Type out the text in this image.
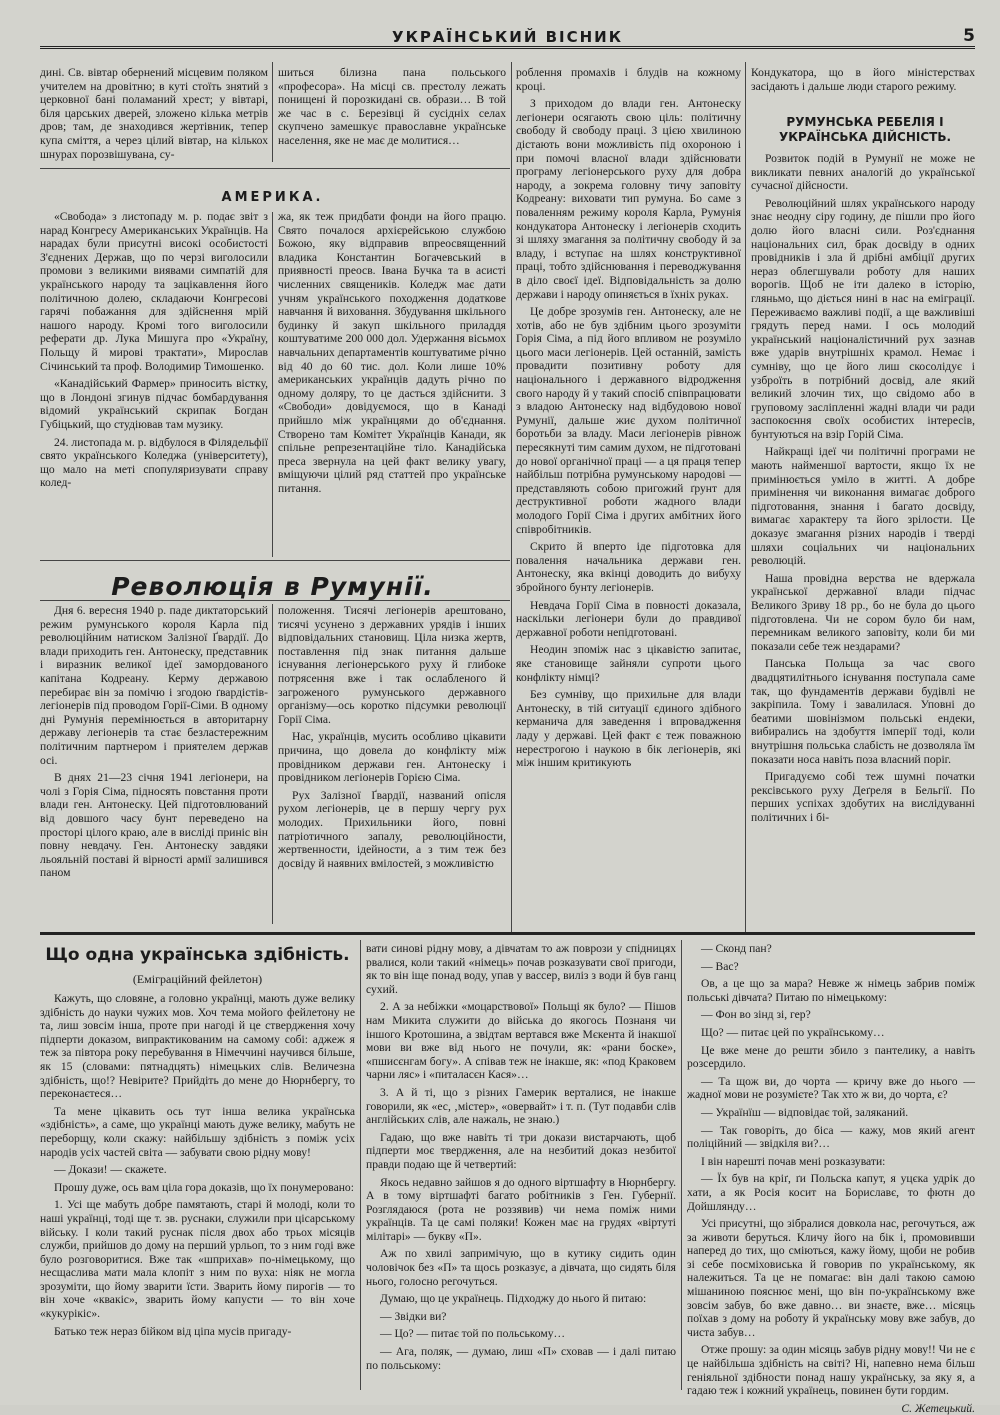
УКРАЇНСЬКИЙ ВІСНИК	5

дині. Св. вівтар обернений місцевим поляком учителем на дровітню; в куті стоїть знятий з церковної бані поламаний хрест; у вівтарі, біля царських дверей, зложено кілька метрів дров; там, де знаходився жертівник, тепер купа сміття, а через цілий вівтар, на кількох шнурах порозвішувана, су-

шиться білизна пана польського «професора». На місці св. престолу лежать понищені й порозкидані св. образи… В той же час в с. Березівці й сусідніх селах скупчено замешкує православне українське населення, яке не має де молитися…

АМЕРИКА.

«Свобода» з листопаду м. р. подає звіт з нарад Конгресу Американських Українців. На нарадах були присутні високі особистості З'єднених Держав, що по черзі виголосили промови з великими виявами симпатій для українського народу та зацікавлення його політичною долею, складаючи Конгресові гарячі побажання для здійснення мрій нашого народу. Кромі того виголосили реферати др. Лука Мишуга про «Україну, Польщу й мирові трактати», Мирослав Січинський та проф. Володимир Тимошенко.

«Канадійський Фармер» приносить вістку, що в Лондоні згинув підчас бомбардування відомий український скрипак Богдан Губіцький, що студіював там музику.

24. листопада м. р. відбулося в Філядельфії свято українського Коледжа (університету), що мало на меті спопуляризувати справу колед-

жа, як теж придбати фонди на його працю. Свято почалося архієрейською службою Божою, яку відправив впреосвященний владика Константин Богачевський в приявності преосв. Івана Бучка та в асисті численних священиків. Коледж має дати учням українського походження додаткове навчання й виховання. Збудування шкільного будинку й закуп шкільного приладдя коштуватиме 200 000 дол. Удержання вісьмох навчальних департаментів коштуватиме річно від 40 до 60 тис. дол. Коли лише 10% американських українців дадуть річно по одному доляру, то це дасться здійснити. З «Свободи» довідуємося, що в Канаді прийшло між українцями до об'єднання. Створено там Комітет Українців Канади, як спільне репрезентаційне тіло. Канадійська преса звернула на цей факт велику увагу, вміщуючи цілий ряд статтей про українське питання.

Революція в Румунії.

Дня 6. вересня 1940 р. паде диктаторський режим румунського короля Карла під революційним натиском Залізної Ґвардії. До влади приходить ген. Антонеску, представник і виразник великої ідеї замордованого капітана Кодреану. Керму державою перебирає він за помічю і згодою ґвардістів-легіонерів під проводом Горії-Сіми. В одному дні Румунія перемінюється в авторитарну державу легіонерів та стає безластережним політичним партнером і приятелем держав осі.

В днях 21—23 січня 1941 легіонери, на чолі з Горія Сіма, підносять повстання проти влади ген. Антонеску. Цей підготовлюваний від довшого часу бунт переведено на просторі цілого краю, але в висліді приніс він повну невдачу. Ген. Антонеску завдяки льояльній поставі й вірності армії залишився паном

положення. Тисячі легіонерів арештовано, тисячі усунено з державних урядів і інших відповідальних становищ. Ціла низка жертв, поставлення під знак питання дальше існування легіонерського руху й глибоке потрясення вже і так ослабленого й загроженого румунського державного організму—ось коротко підсумки революції Горії Сіма.

Нас, українців, мусить особливо цікавити причина, що довела до конфлікту між провідником держави ген. Антонеску і провідником легіонерів Горією Сіма.

Рух Залізної Ґвардії, названий опісля рухом легіонерів, це в першу чергу рух молодих. Прихильники його, повні патріотичного запалу, революційности, жертвенности, ідейности, а з тим теж без досвіду й наявних вмілостей, з можливістю

роблення промахів і блудів на кожному кроці.

З приходом до влади ген. Антонеску легіонери осягають свою ціль: політичну свободу й свободу праці. З цією хвилиною дістають вони можливість під охороною і при помочі власної влади здійснювати програму легіонерського руху для добра народу, а зокрема головну тичу заповіту Кодреану: виховати тип румуна. Бо саме з поваленням режиму короля Карла, Румунія кондукатора Антонеску і легіонерів сходить зі шляху змагання за політичну свободу й за владу, і вступає на шлях конструктивної праці, тобто здійснювання і переводжування в діло своєї ідеї. Відповідальність за долю держави і народу опиняється в їхніх руках.

Це добре зрозумів ген. Антонеску, але не хотів, або не був здібним цього зрозуміти Горія Сіма, а під його впливом не розуміло цього маси легіонерів. Цей останній, замість провадити позитивну роботу для національного і державного відродження свого народу й у такий спосіб співпрацювати з владою Антонеску над відбудовою нової Румунії, дальше жиє духом політичної боротьби за владу. Маси легіонерів рівнож пересякнуті тим самим духом, не підготовані до нової органічної праці — а ця праця тепер найбільш потрібна румунському народові — представляють собою пригожий ґрунт для деструктивної роботи жадного влади молодого Горії Сіма і других амбітних його співробітників.

Скрито й вперто іде підготовка для повалення начальника держави ген. Антонеску, яка вкінці доводить до вибуху збройного бунту легіонерів.

Невдача Горії Сіма в повності доказала, наскільки легіонери були до правдивої державної роботи непідготовані.

Неодин зпоміж нас з цікавістю запитає, яке становище зайняли супроти цього конфлікту німці?

Без сумніву, що прихильне для влади Антонеску, в тій ситуації єдиного здібного керманича для заведення і впровадження ладу у державі. Цей факт є теж поважною нерестрогою і наукою в бік легіонерів, які між іншим критикують

Кондукатора, що в його міністерствах засідають і дальше люди старого режиму.

РУМУНСЬКА РЕБЕЛІЯ І УКРАЇНСЬКА ДІЙСНІСТЬ.

Розвиток подій в Румунії не може не викликати певних аналогій до української сучасної дійсности.

Революційний шлях українського народу знає неодну сіру годину, де пішли про його долю його власні сили. Роз'єднання національних сил, брак досвіду в одних провідників і зла й дрібні амбіції других нераз облегшували роботу для наших ворогів. Щоб не іти далеко в історію, гляньмо, що діється нині в нас на еміграції. Переживаємо важливі події, а ще важливіші грядуть перед нами. І ось молодий український націоналістичний рух зазнав вже ударів внутрішніх крамол. Немає і сумніву, що це його лиш скосолідує і узброїть в потрібний досвід, але який великий злочин тих, що свідомо або в груповому засліпленні жадні влади чи ради заспокоєння своїх особистих інтересів, бунтуються на взір Горій Сіма.

Найкращі ідеї чи політичні програми не мають найменшої вартости, якщо їх не примінюється уміло в житті. А добре примінення чи виконання вимагає доброго підготовання, знання і багато досвіду, вимагає характеру та його зрілости. Це доказує змагання різних народів і тверді шляхи соціальних чи національних революцій.

Наша провідна верства не вдержала української державної влади підчас Великого Зриву 18 рр., бо не була до цього підготовлена. Чи не сором було би нам, перемникам великого заповіту, коли би ми показали себе теж нездарами?

Панська Польща за час свого двадцятилітнього існування поступала саме так, що фундаментів держави будівлі не закріпила. Тому і завалилася. Уповні до беатими шовінізмом польські ендеки, вибирались на здобуття імперії тоді, коли внутрішня польська слабість не дозволяла їм показати носа навіть поза власний поріг.

Пригадуємо собі теж шумні початки рексівського руху Деґреля в Бельгії. По перших успіхах здобутих на вислідуванні політичних і бі-

Що одна українська здібність.
(Еміграційний фейлетон)

Кажуть, що словяне, а головно українці, мають дуже велику здібність до науки чужих мов. Хоч тема мойого фейлетону не та, лиш зовсім інша, проте при нагоді й це ствердження хочу підперти доказом, випрактикованим на самому собі: аджеж я теж за півтора року перебування в Німеччині научився більше, як 15 (словами: пятнадцять) німецьких слів. Величезна здібність, що!? Невірите? Прийдіть до мене до Нюрнбергу, то переконаєтеся…

Та мене цікавить ось тут інша велика українська «здібність», а саме, що українці мають дуже велику, мабуть не переборщу, коли скажу: найбільшу здібність з поміж усіх народів усіх частей світа — забувати свою рідну мову!

— Докази! — скажете.

Прошу дуже, ось вам ціла гора доказів, що їх понумеровано:

1. Усі ще мабуть добре памятають, старі й молоді, коли то наші українці, тоді ще т. зв. руснаки, служили при цісарському війську. І коли такий руснак після двох або трьох місяців служби, прийшов до дому на перший урльоп, то з ним годі вже було розговоритися. Вже так «шприхав» по-німецькому, що несщаслива мати мала клопіт з ним по вуха: ніяк не могла зрозуміти, що йому зварити їсти. Зварить йому пирогів — то він хоче «квакіс», зварить йому капусти — то він хоче «кукурікіс».

Батько теж нераз бійком від ціпа мусів пригаду-

вати синові рідну мову, а дівчатам то аж поврози у спідницях рвалися, коли такий «німець» почав розказувати свої пригоди, як то він іще понад воду, упав у вассер, виліз з води й був ганц сухий.

2. А за небіжки «моцарствової» Польщі як було? — Пішов нам Микита служити до війська до якогось Познаня чи іншого Кротошина, а звідтам вертався вже Мєкента й інакшої мови ви вже від нього не почули, як: «рани боске», «пшисєнгам богу». А співав теж не інакше, як: «под Краковем чарни ляс» і «питаласєн Кася»…

3. А й ті, що з різних Гамерик верталися, не інакше говорили, як «ес, ‚містер», «овервайт» і т. п. (Тут подавби слів англійських слів, але нажаль, не знаю.)

Гадаю, що вже навіть ті три докази вистарчають, щоб підперти моє твердження, але на незбитий доказ незбитої правди подаю ще й четвертий:

Якось недавно зайшов я до одного віртшафту в Нюрнбергу. А в тому віртшафті багато робітників з Ген. Губернії. Розглядаюся (рота не роззявив) чи нема поміж ними українців. Та це самі поляки! Кожен має на грудях «віртуті мілітарі» — букву «П».

Аж по хвилі запримічую, що в кутику сидить один чоловічок без «П» та щось розказує, а дівчата, що сидять біля нього, голосно регочуться.

Думаю, що це українець. Підходжу до нього й питаю:

— Звідки ви?

— Цо? — питає той по польському…

— Ага, поляк, — думаю, лиш «П» сховав — і далі питаю по польському:

— Сконд пан?

— Вас?

Ов, а це що за мара? Невже ж німець забрив поміж польські дівчата? Питаю по німецькому:

— Фон во зінд зі, гер?

Що? — питає цей по українському…

Це вже мене до решти збило з пантелику, а навіть розсердило.

— Та щож ви, до чорта — кричу вже до нього — жадної мови не розумієте? Так хто ж ви, до чорта, є?

— Українїш — відповідає той, заляканий.

— Так говоріть, до біса — кажу, мов який агент поліційний — звідкіля ви?…

І він нарешті почав мені розказувати:

— Їх був на кріґ, ґи Польска капут, я уцєка удрік до хати, а як Росія косит на Бориславє, то фютн до Дойшлянду…

Усі присутні, що зібралися довкола нас, регочуться, аж за животи беруться. Кличу його на бік і, промовивши наперед до тих, що сміються, кажу йому, щоби не робив зі себе посміховиська й говорив по українському, як належиться. Та це не помагає: він далі такою самою мішаниною пояснює мені, що він по-українському вже зовсім забув, бо вже давно… ви знаєте, вже… місяць поїхав з дому на роботу й українську мову вже забув, до чиста забув…

Отже прошу: за один місяць забув рідну мову!! Чи не є це найбільша здібність на світі? Ні, напевно нема більш геніяльної здібности понад нашу українську, за яку я, а гадаю теж і кожний українець, повинен бути гордим.

С. Жетецький.
